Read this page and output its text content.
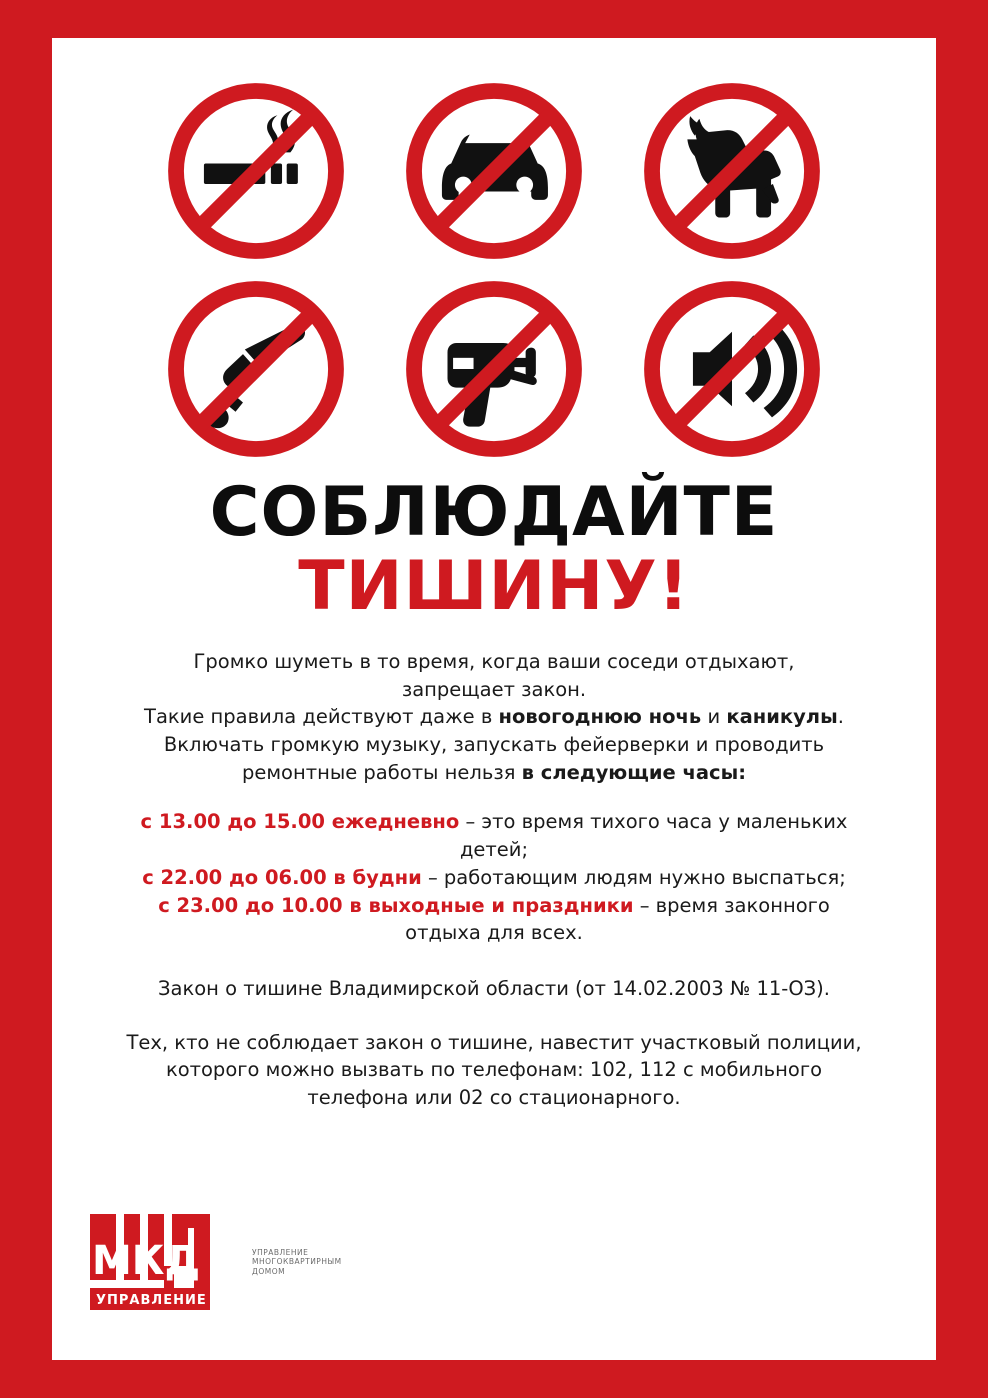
СОБЛЮДАЙТЕ
ТИШИНУ!

Громко шуметь в то время, когда ваши соседи отдыхают,

запрещает закон.

Такие правила действуют даже в новогоднюю ночь и каникулы.

Включать громкую музыку, запускать фейерверки и проводить ремонтные работы нельзя в следующие часы:

с 13.00 до 15.00 ежедневно – это время тихого часа у маленьких детей;

с 22.00 до 06.00 в будни – работающим людям нужно выспаться;

с 23.00 до 10.00 в выходные и праздники – время законного отдыха для всех.

Закон о тишине Владимирской области (от 14.02.2003 № 11-ОЗ).

Тех, кто не соблюдает закон о тишине, навестит участковый полиции, которого можно вызвать по телефонам: 102, 112 с мобильного телефона или 02 со стационарного.

МКД
УПРАВЛЕНИЕ
УПРАВЛЕНИЕ
МНОГОКВАРТИРНЫМ
ДОМОМ
